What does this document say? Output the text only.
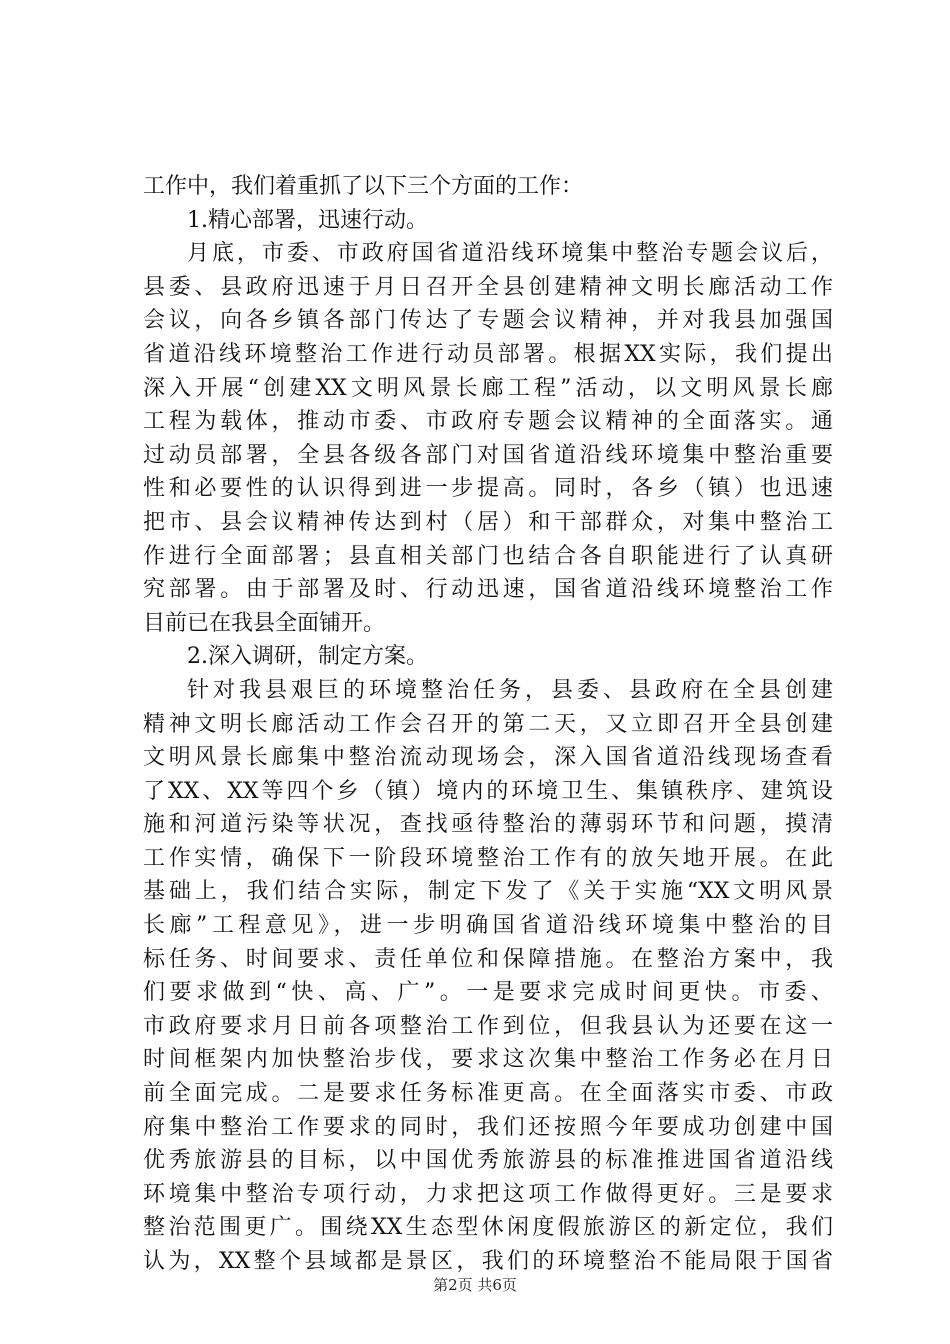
工作中，我们着重抓了以下三个方面的工作：
1.精心部署，迅速行动。
月底，市委、市政府国省道沿线环境集中整治专题会议后，
县委、县政府迅速于月日召开全县创建精神文明长廊活动工作
会议，向各乡镇各部门传达了专题会议精神，并对我县加强国
省道沿线环境整治工作进行动员部署。根据XX实际，我们提出
深入开展“创建XX文明风景长廊工程”活动，以文明风景长廊
工程为载体，推动市委、市政府专题会议精神的全面落实。通
过动员部署，全县各级各部门对国省道沿线环境集中整治重要
性和必要性的认识得到进一步提高。同时，各乡（镇）也迅速
把市、县会议精神传达到村（居）和干部群众，对集中整治工
作进行全面部署；县直相关部门也结合各自职能进行了认真研
究部署。由于部署及时、行动迅速，国省道沿线环境整治工作
目前已在我县全面铺开。
2.深入调研，制定方案。
针对我县艰巨的环境整治任务，县委、县政府在全县创建
精神文明长廊活动工作会召开的第二天，又立即召开全县创建
文明风景长廊集中整治流动现场会，深入国省道沿线现场查看
了XX、XX等四个乡（镇）境内的环境卫生、集镇秩序、建筑设
施和河道污染等状况，查找亟待整治的薄弱环节和问题，摸清
工作实情，确保下一阶段环境整治工作有的放矢地开展。在此
基础上，我们结合实际，制定下发了《关于实施“XX文明风景
长廊”工程意见》，进一步明确国省道沿线环境集中整治的目
标任务、时间要求、责任单位和保障措施。在整治方案中，我
们要求做到“快、高、广”。一是要求完成时间更快。市委、
市政府要求月日前各项整治工作到位，但我县认为还要在这一
时间框架内加快整治步伐，要求这次集中整治工作务必在月日
前全面完成。二是要求任务标准更高。在全面落实市委、市政
府集中整治工作要求的同时，我们还按照今年要成功创建中国
优秀旅游县的目标，以中国优秀旅游县的标准推进国省道沿线
环境集中整治专项行动，力求把这项工作做得更好。三是要求
整治范围更广。围绕XX生态型休闲度假旅游区的新定位，我们
认为，XX整个县域都是景区，我们的环境整治不能局限于国省
第2页 共6页
